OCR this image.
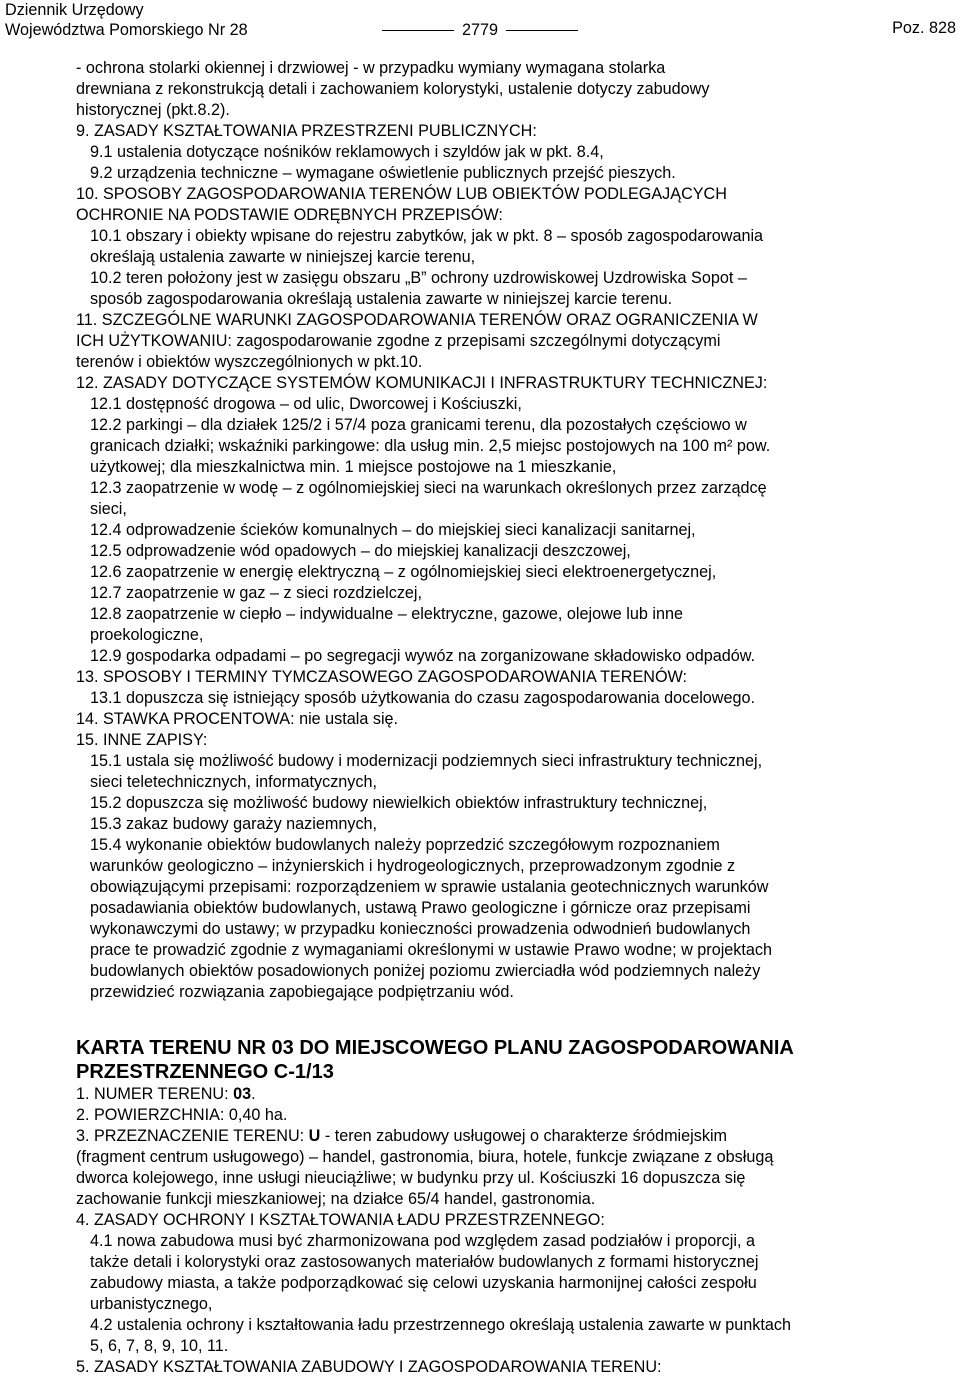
Dziennik Urzędowy
Województwa Pomorskiego Nr 28	2779	Poz. 828
- ochrona stolarki okiennej i drzwiowej - w przypadku wymiany wymagana stolarka
drewniana z rekonstrukcją detali i zachowaniem kolorystyki, ustalenie dotyczy zabudowy
historycznej (pkt.8.2).
9. ZASADY KSZTAŁTOWANIA PRZESTRZENI PUBLICZNYCH:
9.1 ustalenia dotyczące nośników reklamowych i szyldów jak w pkt. 8.4,
9.2 urządzenia techniczne – wymagane oświetlenie publicznych przejść pieszych.
10. SPOSOBY ZAGOSPODAROWANIA TERENÓW LUB OBIEKTÓW PODLEGAJĄCYCH
OCHRONIE NA PODSTAWIE ODRĘBNYCH PRZEPISÓW:
10.1 obszary i obiekty wpisane do rejestru zabytków, jak w pkt. 8 – sposób zagospodarowania
określają ustalenia zawarte w niniejszej karcie terenu,
10.2 teren położony jest w zasięgu obszaru „B” ochrony uzdrowiskowej Uzdrowiska Sopot –
sposób zagospodarowania określają ustalenia zawarte w niniejszej karcie terenu.
11. SZCZEGÓLNE WARUNKI ZAGOSPODAROWANIA TERENÓW ORAZ OGRANICZENIA W
ICH UŻYTKOWANIU: zagospodarowanie zgodne z przepisami szczególnymi dotyczącymi
terenów i obiektów wyszczególnionych w pkt.10.
12. ZASADY DOTYCZĄCE SYSTEMÓW KOMUNIKACJI I INFRASTRUKTURY TECHNICZNEJ:
12.1 dostępność drogowa – od ulic, Dworcowej i Kościuszki,
12.2 parkingi – dla działek 125/2 i 57/4 poza granicami terenu, dla pozostałych częściowo w
granicach działki; wskaźniki parkingowe: dla usług min. 2,5 miejsc postojowych na 100 m² pow.
użytkowej; dla mieszkalnictwa min. 1 miejsce postojowe na 1 mieszkanie,
12.3 zaopatrzenie w wodę – z ogólnomiejskiej sieci na warunkach określonych przez zarządcę
sieci,
12.4 odprowadzenie ścieków komunalnych – do miejskiej sieci kanalizacji sanitarnej,
12.5 odprowadzenie wód opadowych – do miejskiej kanalizacji deszczowej,
12.6 zaopatrzenie w energię elektryczną – z ogólnomiejskiej sieci elektroenergetycznej,
12.7 zaopatrzenie w gaz – z sieci rozdzielczej,
12.8 zaopatrzenie w ciepło – indywidualne – elektryczne, gazowe, olejowe lub inne
proekologiczne,
12.9 gospodarka odpadami – po segregacji wywóz na zorganizowane składowisko odpadów.
13. SPOSOBY I TERMINY TYMCZASOWEGO ZAGOSPODAROWANIA TERENÓW:
13.1 dopuszcza się istniejący sposób użytkowania do czasu zagospodarowania docelowego.
14. STAWKA PROCENTOWA: nie ustala się.
15. INNE ZAPISY:
15.1 ustala się możliwość budowy i modernizacji podziemnych sieci infrastruktury technicznej,
sieci teletechnicznych, informatycznych,
15.2 dopuszcza się możliwość budowy niewielkich obiektów infrastruktury technicznej,
15.3 zakaz budowy garaży naziemnych,
15.4 wykonanie obiektów budowlanych należy poprzedzić szczegółowym rozpoznaniem
warunków geologiczno – inżynierskich i hydrogeologicznych, przeprowadzonym zgodnie z
obowiązującymi przepisami: rozporządzeniem w sprawie ustalania geotechnicznych warunków
posadawiania obiektów budowlanych, ustawą Prawo geologiczne i górnicze oraz przepisami
wykonawczymi do ustawy; w przypadku konieczności prowadzenia odwodnień budowlanych
prace te prowadzić zgodnie z wymaganiami określonymi w ustawie Prawo wodne; w projektach
budowlanych obiektów posadowionych poniżej poziomu zwierciadła wód podziemnych należy
przewidzieć rozwiązania zapobiegające podpiętrzaniu wód.
KARTA TERENU NR 03 DO MIEJSCOWEGO PLANU ZAGOSPODAROWANIA
PRZESTRZENNEGO C-1/13
1. NUMER TERENU: 03.
2. POWIERZCHNIA: 0,40 ha.
3. PRZEZNACZENIE TERENU: U - teren zabudowy usługowej o charakterze śródmiejskim
(fragment centrum usługowego) – handel, gastronomia, biura, hotele, funkcje związane z obsługą
dworca kolejowego, inne usługi nieuciążliwe; w budynku przy ul. Kościuszki 16 dopuszcza się
zachowanie funkcji mieszkaniowej; na działce 65/4 handel, gastronomia.
4. ZASADY OCHRONY I KSZTAŁTOWANIA ŁADU PRZESTRZENNEGO:
4.1 nowa zabudowa musi być zharmonizowana pod względem zasad podziałów i proporcji, a
także detali i kolorystyki oraz zastosowanych materiałów budowlanych z formami historycznej
zabudowy miasta, a także podporządkować się celowi uzyskania harmonijnej całości zespołu
urbanistycznego,
4.2 ustalenia ochrony i kształtowania ładu przestrzennego określają ustalenia zawarte w punktach
5, 6, 7, 8, 9, 10, 11.
5. ZASADY KSZTAŁTOWANIA ZABUDOWY I ZAGOSPODAROWANIA TERENU:
